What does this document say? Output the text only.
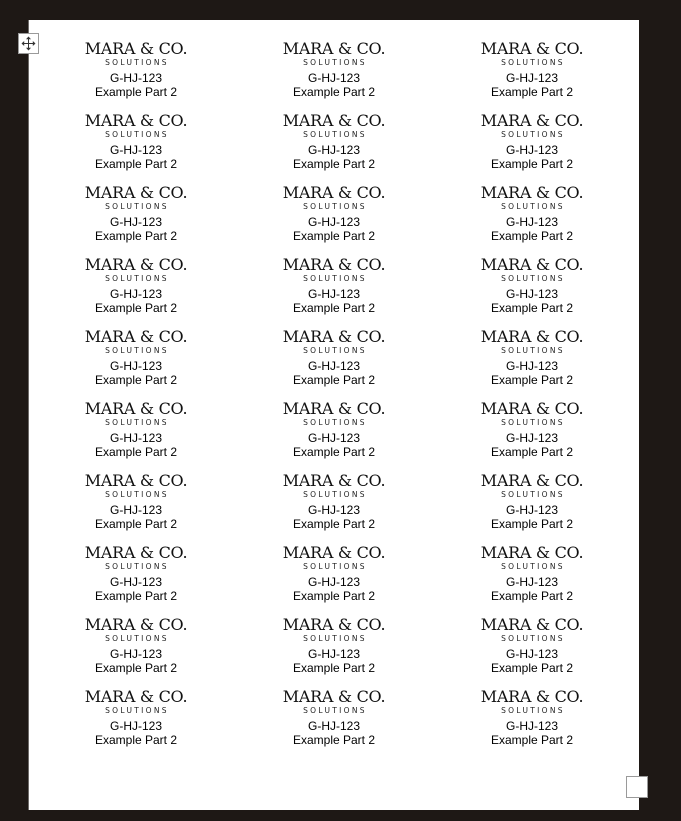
MARA & CO.
SOLUTIONS
G-HJ-123
Example Part 2
MARA & CO.
SOLUTIONS
G-HJ-123
Example Part 2
MARA & CO.
SOLUTIONS
G-HJ-123
Example Part 2
MARA & CO.
SOLUTIONS
G-HJ-123
Example Part 2
MARA & CO.
SOLUTIONS
G-HJ-123
Example Part 2
MARA & CO.
SOLUTIONS
G-HJ-123
Example Part 2
MARA & CO.
SOLUTIONS
G-HJ-123
Example Part 2
MARA & CO.
SOLUTIONS
G-HJ-123
Example Part 2
MARA & CO.
SOLUTIONS
G-HJ-123
Example Part 2
MARA & CO.
SOLUTIONS
G-HJ-123
Example Part 2
MARA & CO.
SOLUTIONS
G-HJ-123
Example Part 2
MARA & CO.
SOLUTIONS
G-HJ-123
Example Part 2
MARA & CO.
SOLUTIONS
G-HJ-123
Example Part 2
MARA & CO.
SOLUTIONS
G-HJ-123
Example Part 2
MARA & CO.
SOLUTIONS
G-HJ-123
Example Part 2
MARA & CO.
SOLUTIONS
G-HJ-123
Example Part 2
MARA & CO.
SOLUTIONS
G-HJ-123
Example Part 2
MARA & CO.
SOLUTIONS
G-HJ-123
Example Part 2
MARA & CO.
SOLUTIONS
G-HJ-123
Example Part 2
MARA & CO.
SOLUTIONS
G-HJ-123
Example Part 2
MARA & CO.
SOLUTIONS
G-HJ-123
Example Part 2
MARA & CO.
SOLUTIONS
G-HJ-123
Example Part 2
MARA & CO.
SOLUTIONS
G-HJ-123
Example Part 2
MARA & CO.
SOLUTIONS
G-HJ-123
Example Part 2
MARA & CO.
SOLUTIONS
G-HJ-123
Example Part 2
MARA & CO.
SOLUTIONS
G-HJ-123
Example Part 2
MARA & CO.
SOLUTIONS
G-HJ-123
Example Part 2
MARA & CO.
SOLUTIONS
G-HJ-123
Example Part 2
MARA & CO.
SOLUTIONS
G-HJ-123
Example Part 2
MARA & CO.
SOLUTIONS
G-HJ-123
Example Part 2
